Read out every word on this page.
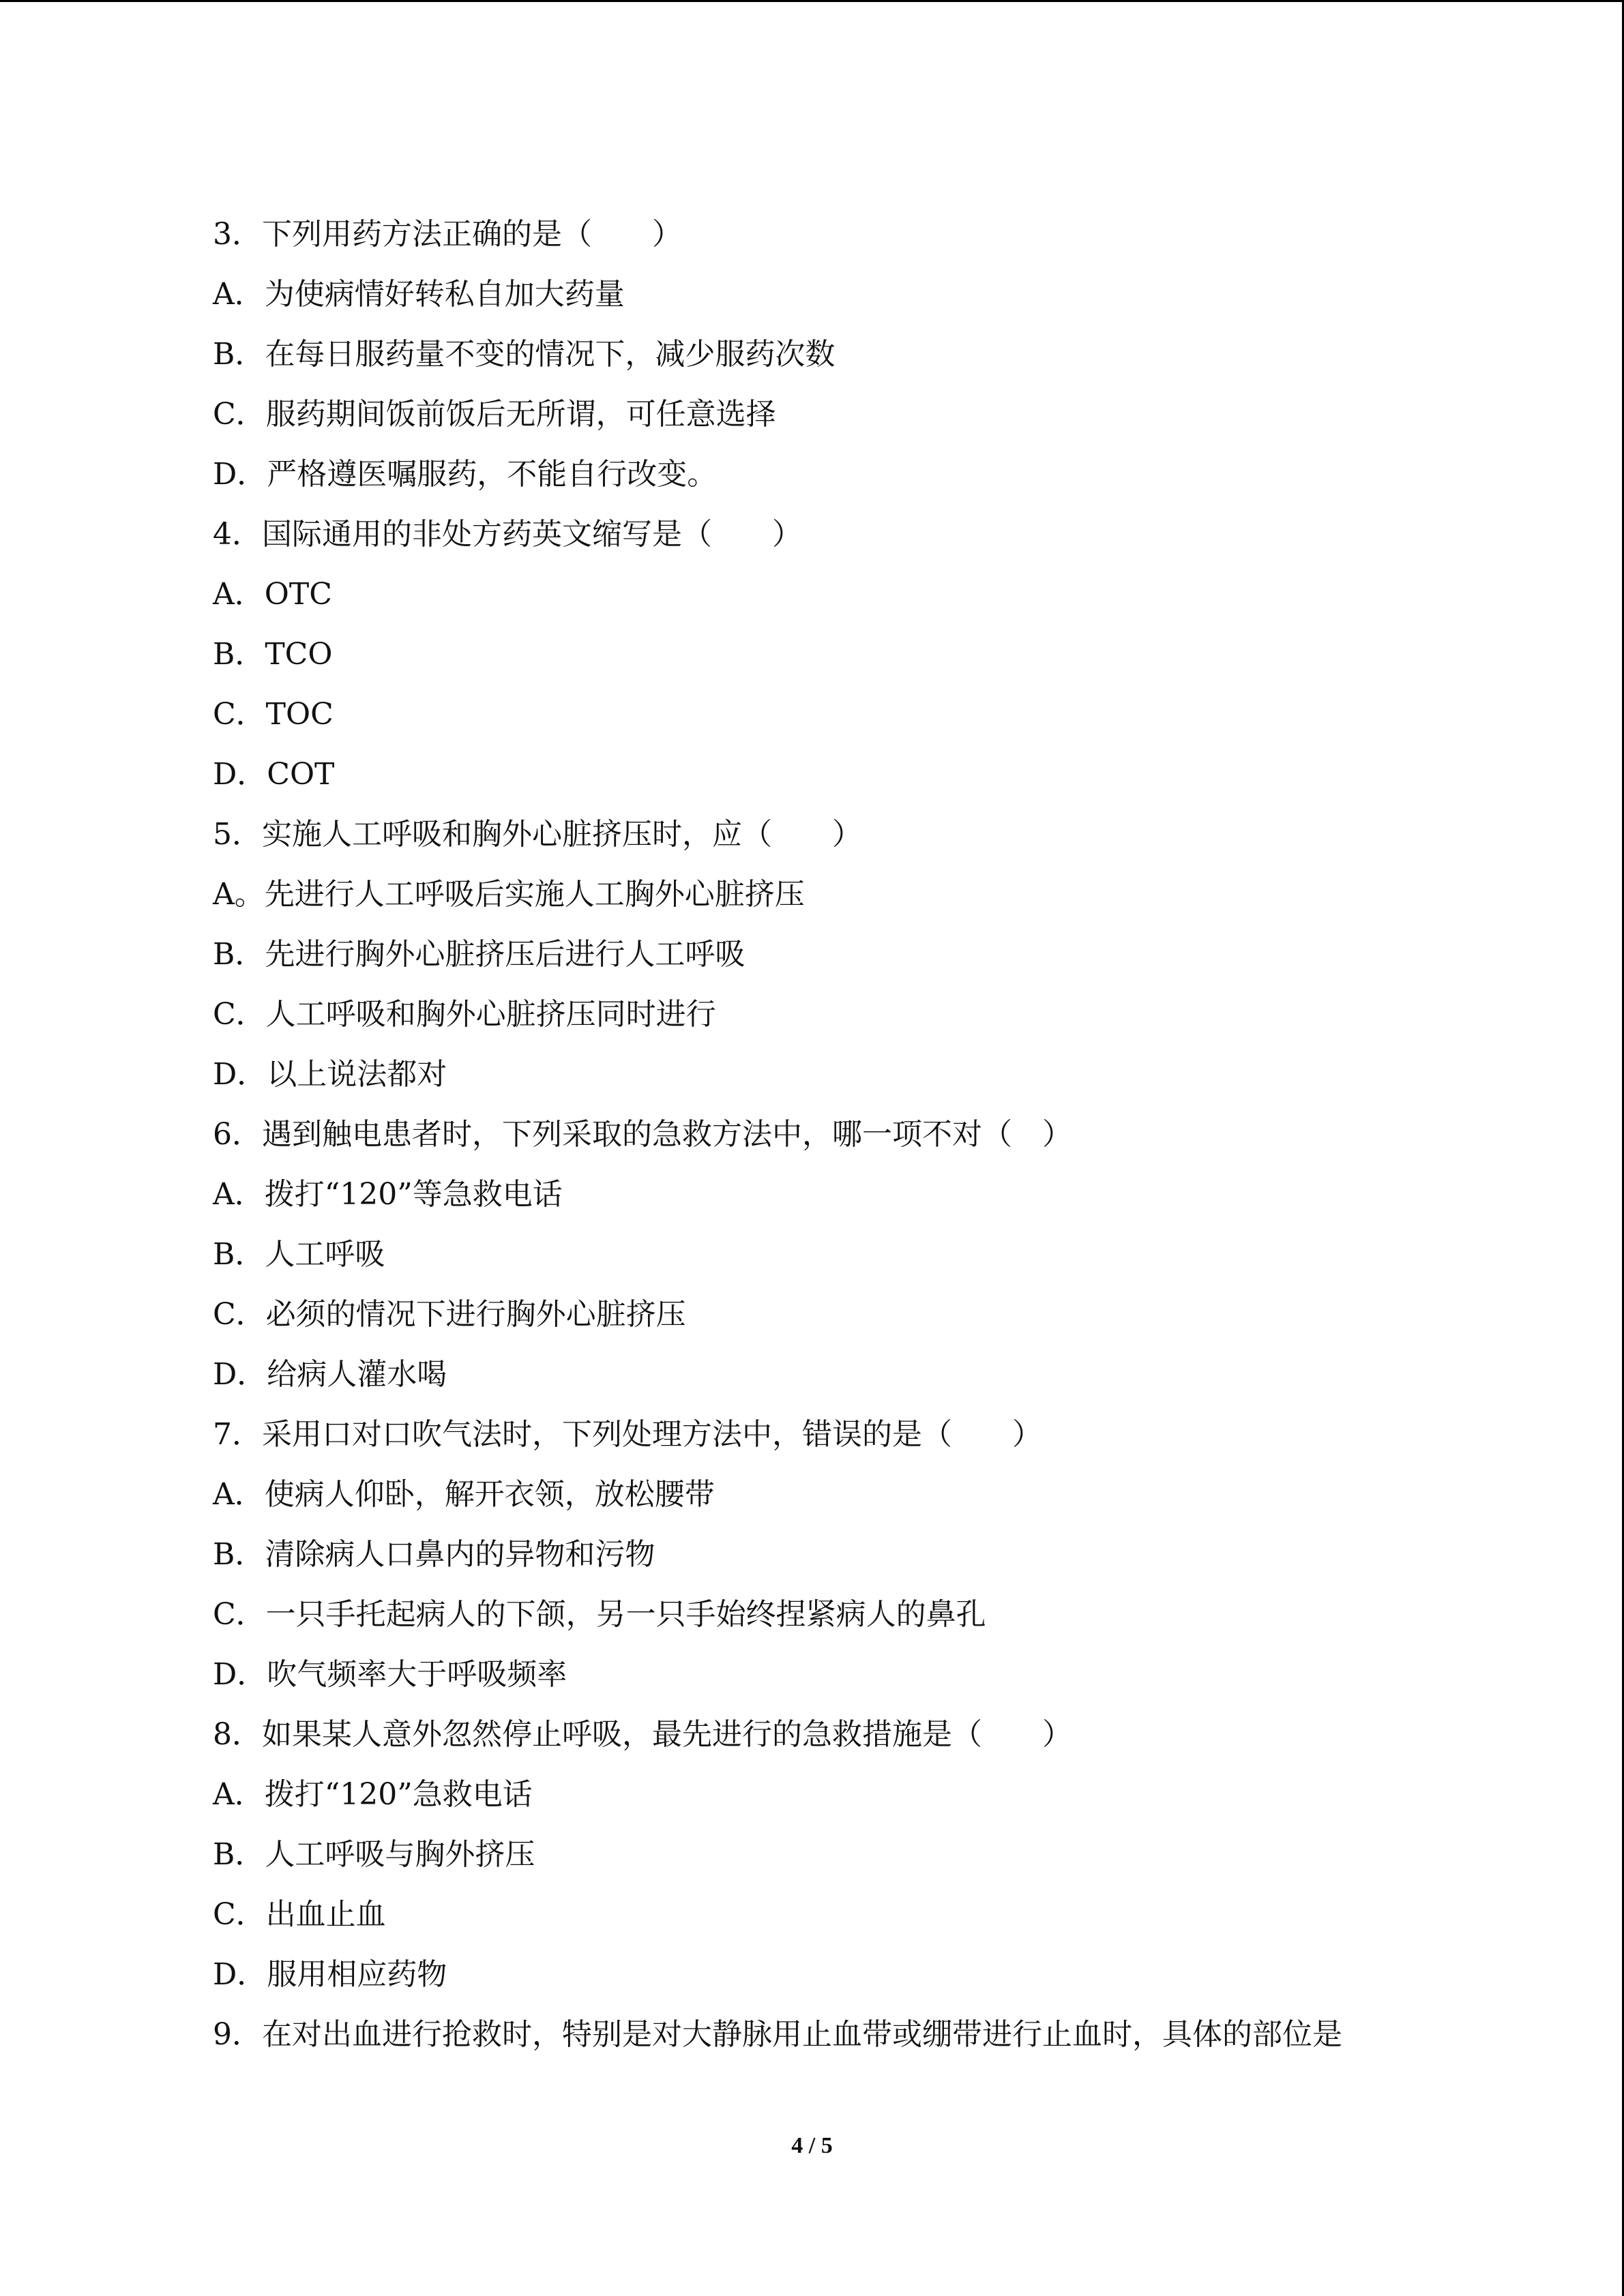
3．下列用药方法正确的是（　　）
A．为使病情好转私自加大药量
B．在每日服药量不变的情况下，减少服药次数
C．服药期间饭前饭后无所谓，可任意选择
D．严格遵医嘱服药，不能自行改变。
4．国际通用的非处方药英文缩写是（　　）
A．OTC
B．TCO
C．TOC
D．COT
5．实施人工呼吸和胸外心脏挤压时，应（　　）
A。先进行人工呼吸后实施人工胸外心脏挤压
B．先进行胸外心脏挤压后进行人工呼吸
C．人工呼吸和胸外心脏挤压同时进行
D．以上说法都对
6．遇到触电患者时，下列采取的急救方法中，哪一项不对（　）
A．拨打“120”等急救电话
B．人工呼吸
C．必须的情况下进行胸外心脏挤压
D．给病人灌水喝
7．采用口对口吹气法时，下列处理方法中，错误的是（　　）
A．使病人仰卧，解开衣领，放松腰带
B．清除病人口鼻内的异物和污物
C．一只手托起病人的下颌，另一只手始终捏紧病人的鼻孔
D．吹气频率大于呼吸频率
8．如果某人意外忽然停止呼吸，最先进行的急救措施是（　　）
A．拨打“120”急救电话
B．人工呼吸与胸外挤压
C．出血止血
D．服用相应药物
9．在对出血进行抢救时，特别是对大静脉用止血带或绷带进行止血时，具体的部位是
4 / 5
